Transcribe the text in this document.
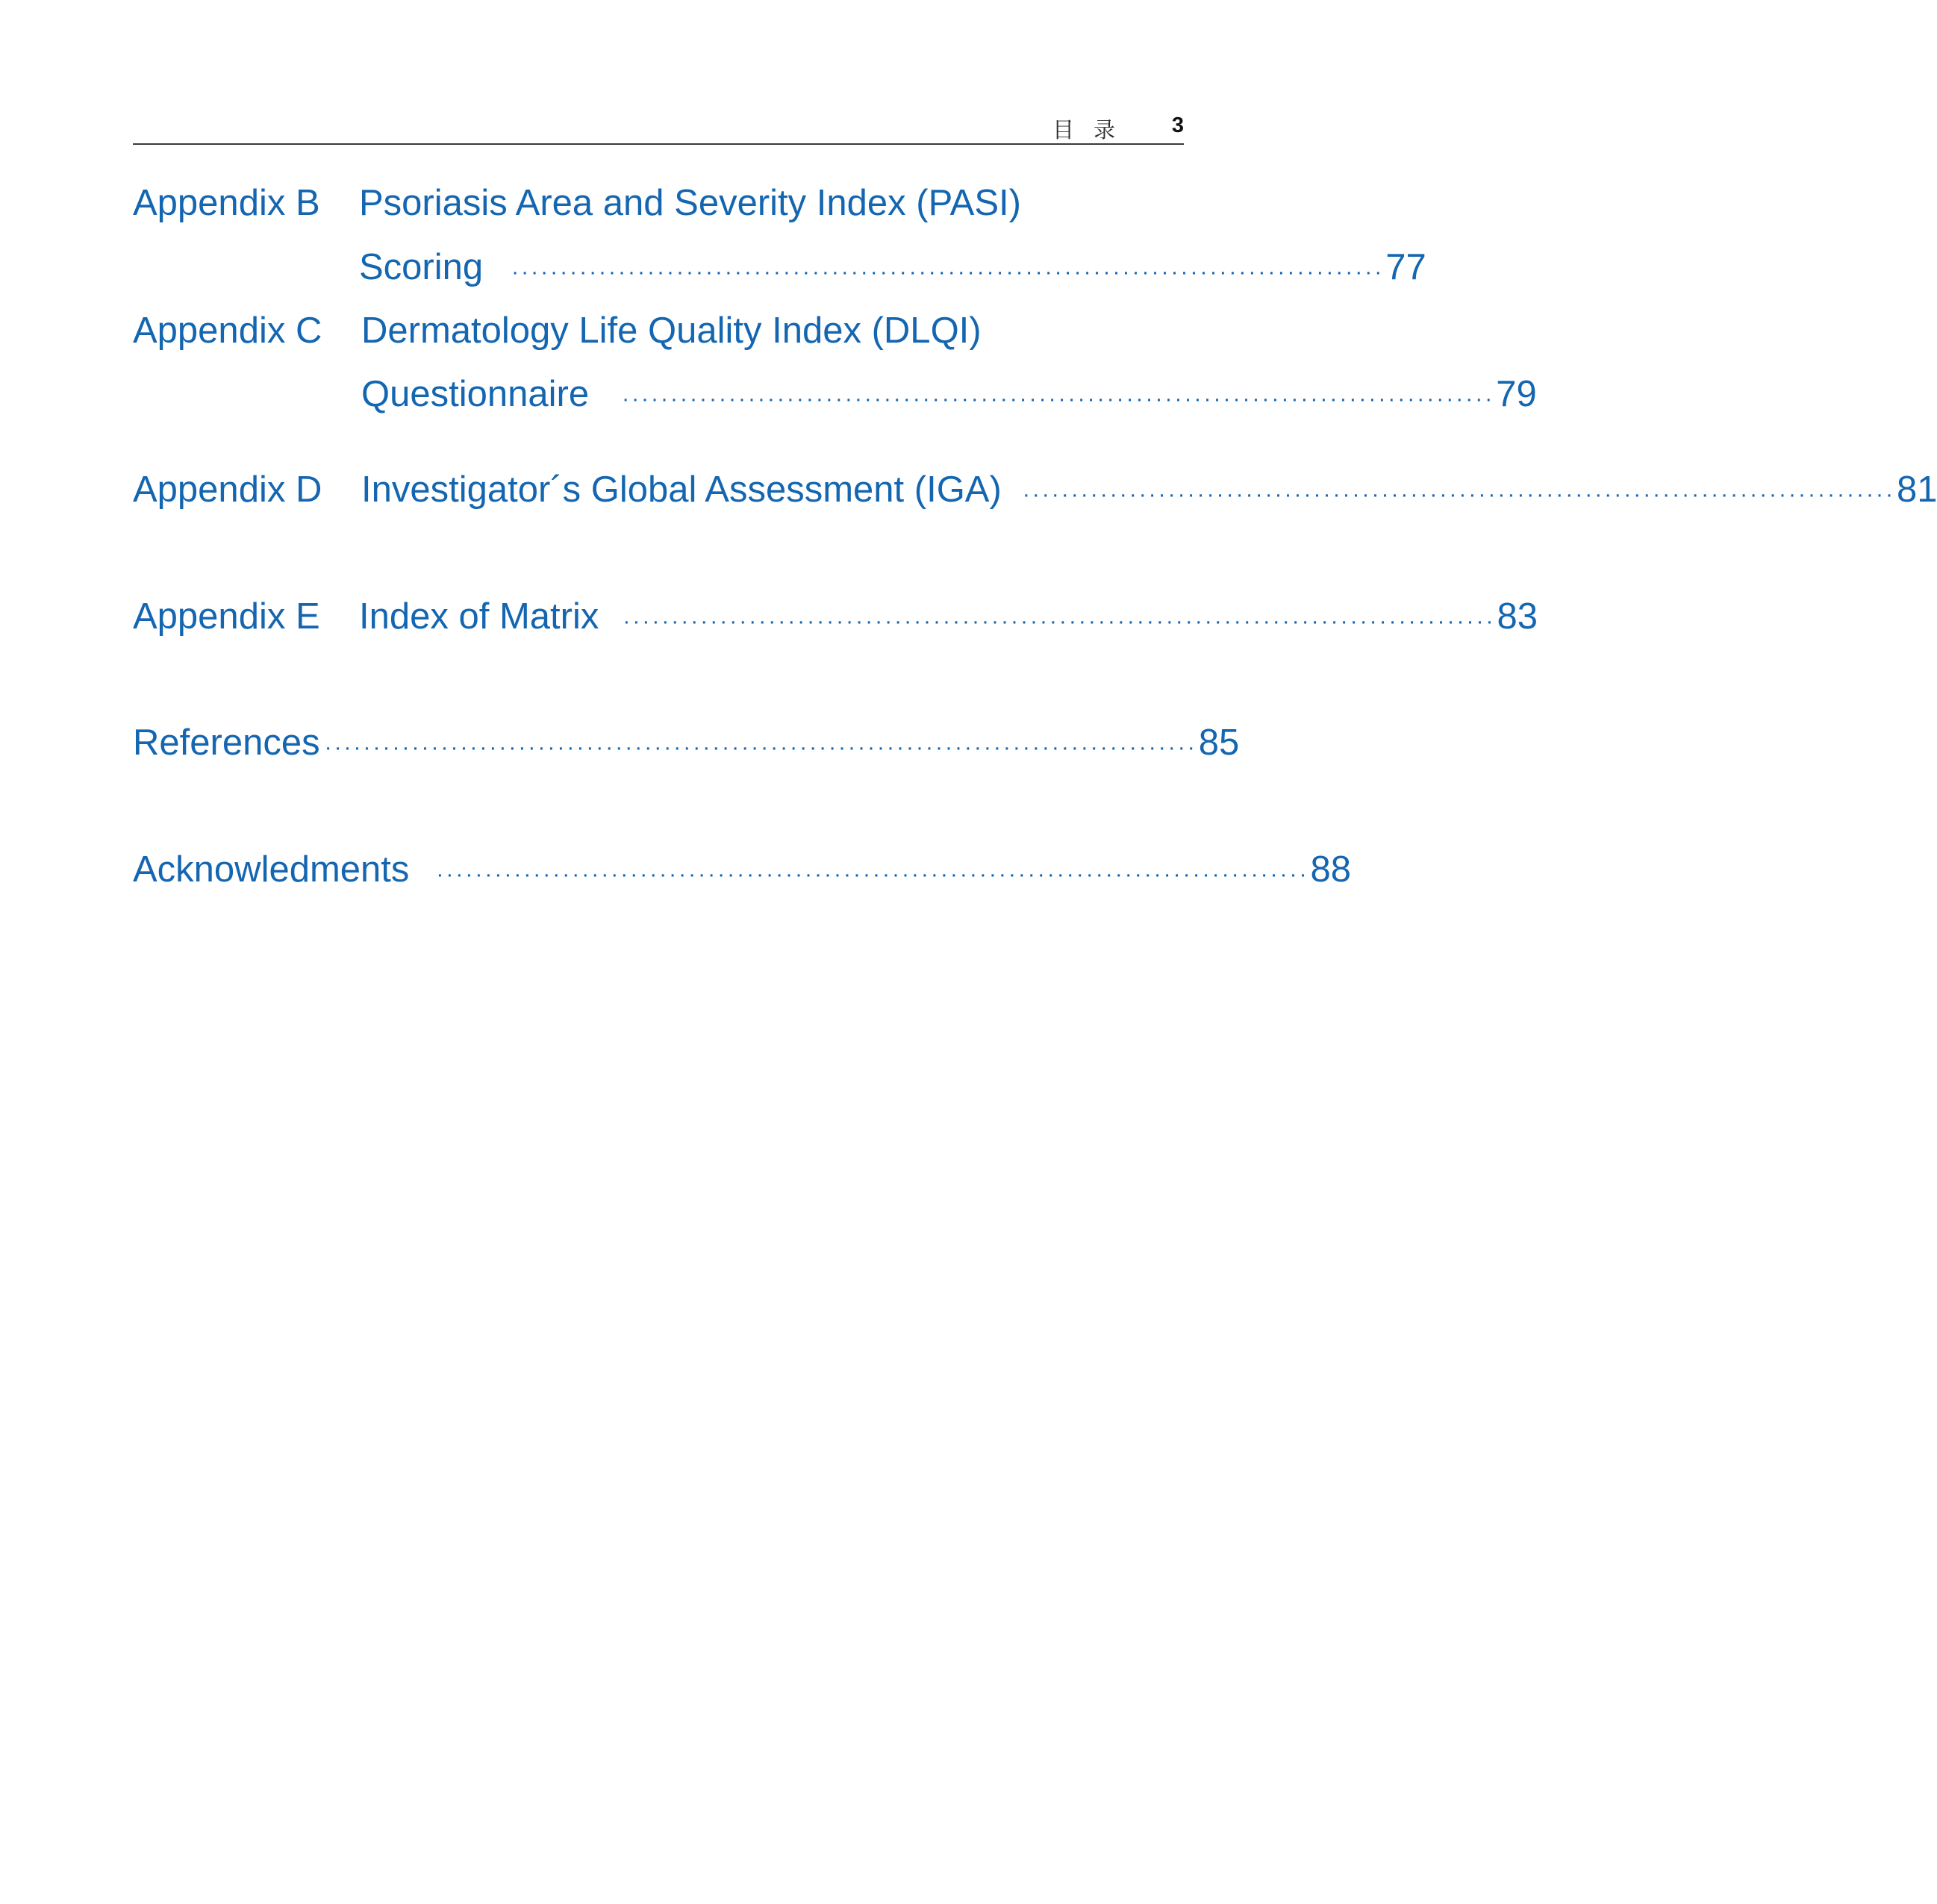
目录 3
Appendix B Psoriasis Area and Severity Index (PASI)
Scoring	·························································································· 77
Appendix C Dermatology Life Quality Index (DLQI)
Questionnaire	·························································································· 79
Appendix D Investigator´s Global Assessment (IGA) ·························································································· 81
Appendix E Index of Matrix	·························································································· 83
References ·························································································· 85
Acknowledments	·························································································· 88
